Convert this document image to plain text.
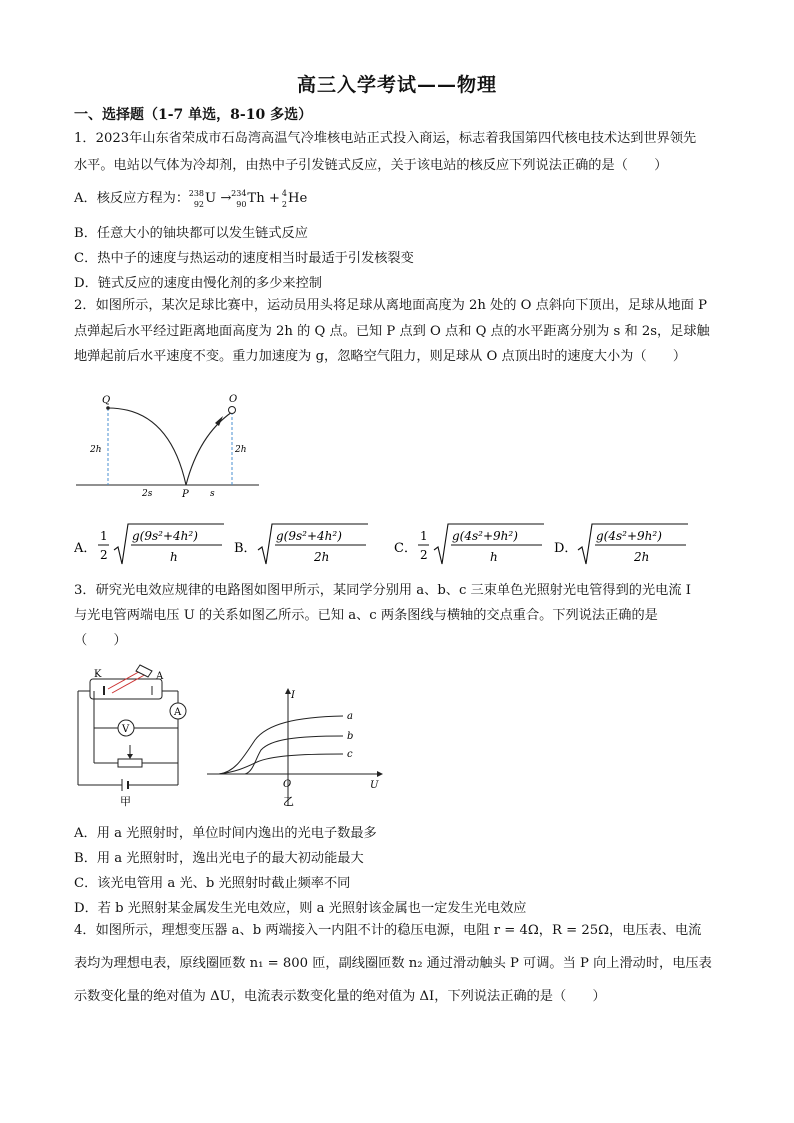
高三入学考试——物理
一、选择题（1-7 单选，8-10 多选）
1．2023年山东省荣成市石岛湾高温气冷堆核电站正式投入商运，标志着我国第四代核电技术达到世界领先
水平。电站以气体为冷却剂，由热中子引发链式反应，关于该电站的核反应下列说法正确的是（　　）
A．核反应方程为： 238
92 U → 234
90 Th + 4
2 He
B．任意大小的铀块都可以发生链式反应
C．热中子的速度与热运动的速度相当时最适于引发核裂变
D．链式反应的速度由慢化剂的多少来控制
2．如图所示，某次足球比赛中，运动员用头将足球从离地面高度为 2h 处的 O 点斜向下顶出，足球从地面 P
点弹起后水平经过距离地面高度为 2h 的 Q 点。已知 P 点到 O 点和 Q 点的水平距离分别为 s 和 2s，足球触
地弹起前后水平速度不变。重力加速度为 g，忽略空气阻力，则足球从 O 点顶出时的速度大小为（　　）
Q	O
P
2h	2h
2s	s
A．
1
2
g(9s²+4h²)
h
B．
g(9s²+4h²)
2h
C．
1
2
g(4s²+9h²)
h
D．
g(4s²+9h²)
2h
3．研究光电效应规律的电路图如图甲所示，某同学分别用 a、b、c 三束单色光照射光电管得到的光电流 I
与光电管两端电压 U 的关系如图乙所示。已知 a、c 两条图线与横轴的交点重合。下列说法正确的是
（　　）
K	A
A
V
甲
a
b
c
I
U
O
乙
A．用 a 光照射时，单位时间内逸出的光电子数最多
B．用 a 光照射时，逸出光电子的最大初动能最大
C．该光电管用 a 光、b 光照射时截止频率不同
D．若 b 光照射某金属发生光电效应，则 a 光照射该金属也一定发生光电效应
4．如图所示，理想变压器 a、b 两端接入一内阻不计的稳压电源，电阻 r = 4Ω，R = 25Ω，电压表、电流
表均为理想电表，原线圈匝数 n₁ = 800 匝，副线圈匝数 n₂ 通过滑动触头 P 可调。当 P 向上滑动时，电压表
示数变化量的绝对值为 ΔU，电流表示数变化量的绝对值为 ΔI，下列说法正确的是（　　）
